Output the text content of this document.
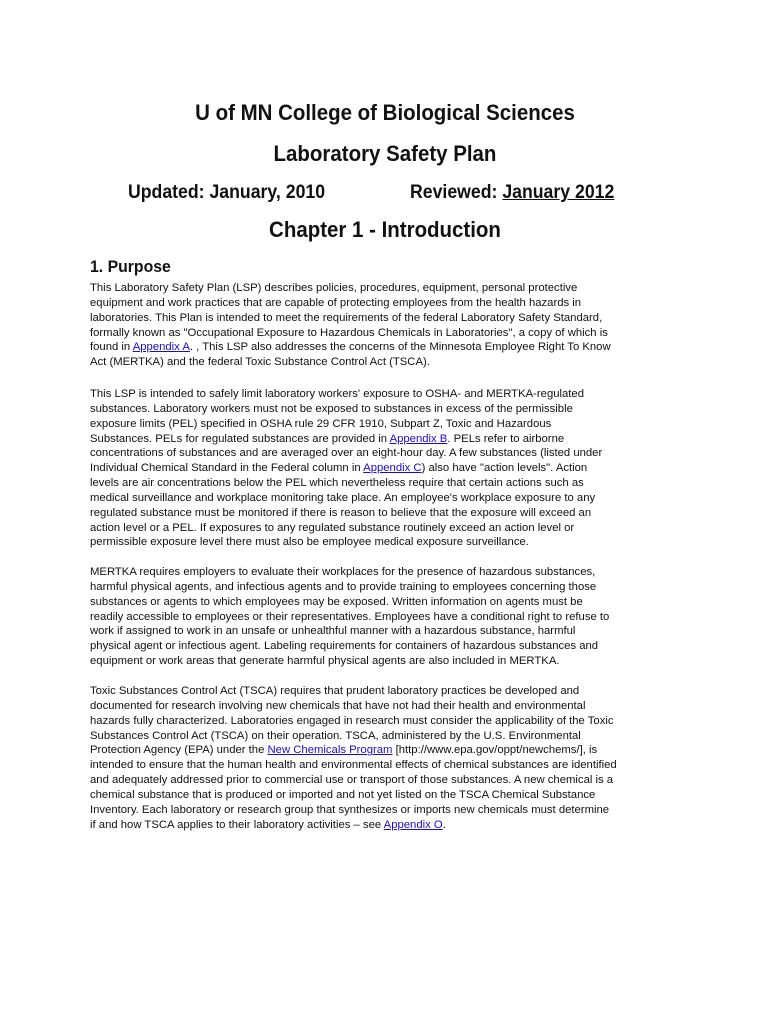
U of MN College of Biological Sciences
Laboratory Safety Plan
Updated: January, 2010	Reviewed: January 2012
Chapter 1 - Introduction
1. Purpose
This Laboratory Safety Plan (LSP) describes policies, procedures, equipment, personal protective
equipment and work practices that are capable of protecting employees from the health hazards in
laboratories. This Plan is intended to meet the requirements of the federal Laboratory Safety Standard,
formally known as "Occupational Exposure to Hazardous Chemicals in Laboratories", a copy of which is
found in Appendix A. , This LSP also addresses the concerns of the Minnesota Employee Right To Know
Act (MERTKA) and the federal Toxic Substance Control Act (TSCA).
This LSP is intended to safely limit laboratory workers' exposure to OSHA- and MERTKA-regulated
substances. Laboratory workers must not be exposed to substances in excess of the permissible
exposure limits (PEL) specified in OSHA rule 29 CFR 1910, Subpart Z, Toxic and Hazardous
Substances. PELs for regulated substances are provided in Appendix B. PELs refer to airborne
concentrations of substances and are averaged over an eight-hour day. A few substances (listed under
Individual Chemical Standard in the Federal column in Appendix C) also have "action levels". Action
levels are air concentrations below the PEL which nevertheless require that certain actions such as
medical surveillance and workplace monitoring take place. An employee's workplace exposure to any
regulated substance must be monitored if there is reason to believe that the exposure will exceed an
action level or a PEL. If exposures to any regulated substance routinely exceed an action level or
permissible exposure level there must also be employee medical exposure surveillance.
MERTKA requires employers to evaluate their workplaces for the presence of hazardous substances,
harmful physical agents, and infectious agents and to provide training to employees concerning those
substances or agents to which employees may be exposed. Written information on agents must be
readily accessible to employees or their representatives. Employees have a conditional right to refuse to
work if assigned to work in an unsafe or unhealthful manner with a hazardous substance, harmful
physical agent or infectious agent. Labeling requirements for containers of hazardous substances and
equipment or work areas that generate harmful physical agents are also included in MERTKA.
Toxic Substances Control Act (TSCA) requires that prudent laboratory practices be developed and
documented for research involving new chemicals that have not had their health and environmental
hazards fully characterized. Laboratories engaged in research must consider the applicability of the Toxic
Substances Control Act (TSCA) on their operation. TSCA, administered by the U.S. Environmental
Protection Agency (EPA) under the New Chemicals Program [http://www.epa.gov/oppt/newchems/], is
intended to ensure that the human health and environmental effects of chemical substances are identified
and adequately addressed prior to commercial use or transport of those substances. A new chemical is a
chemical substance that is produced or imported and not yet listed on the TSCA Chemical Substance
Inventory. Each laboratory or research group that synthesizes or imports new chemicals must determine
if and how TSCA applies to their laboratory activities – see Appendix O.
